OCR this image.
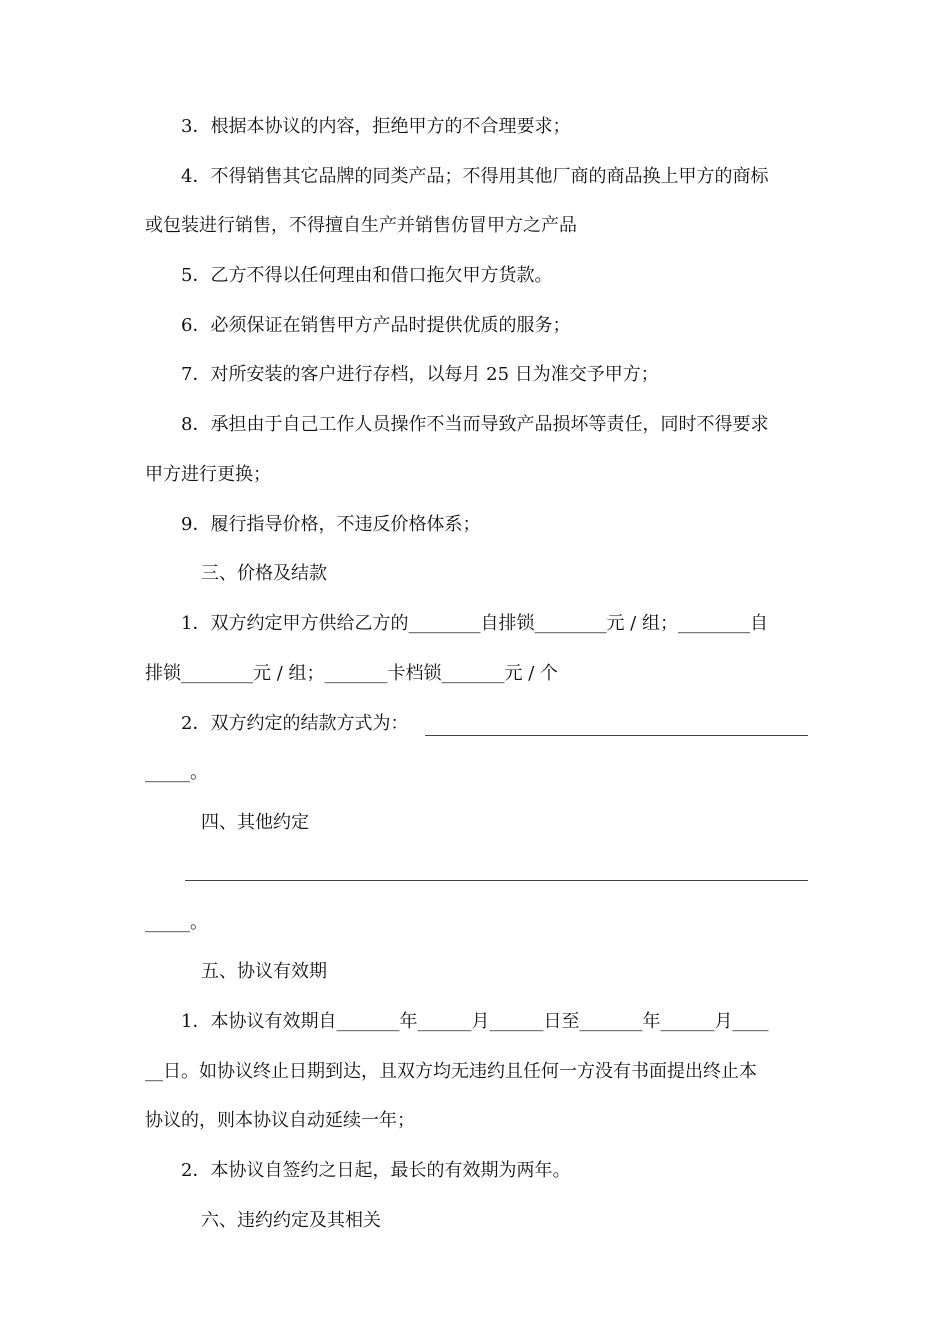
3．根据本协议的内容，拒绝甲方的不合理要求；
4．不得销售其它品牌的同类产品；不得用其他厂商的商品换上甲方的商标
或包装进行销售，不得擅自生产并销售仿冒甲方之产品
5．乙方不得以任何理由和借口拖欠甲方货款。
6．必须保证在销售甲方产品时提供优质的服务；
7．对所安装的客户进行存档，以每月 25 日为准交予甲方；
8．承担由于自己工作人员操作不当而导致产品损坏等责任，同时不得要求
甲方进行更换；
9．履行指导价格，不违反价格体系；
三、价格及结款
1．双方约定甲方供给乙方的________自排锁________元 / 组；________自
排锁________元 / 组；_______卡档锁_______元 / 个
2．双方约定的结款方式为：
_____。
四、其他约定
_____。
五、协议有效期
1．本协议有效期自_______年______月______日至_______年______月____
__日。如协议终止日期到达，且双方均无违约且任何一方没有书面提出终止本
协议的，则本协议自动延续一年；
2．本协议自签约之日起，最长的有效期为两年。
六、违约约定及其相关
